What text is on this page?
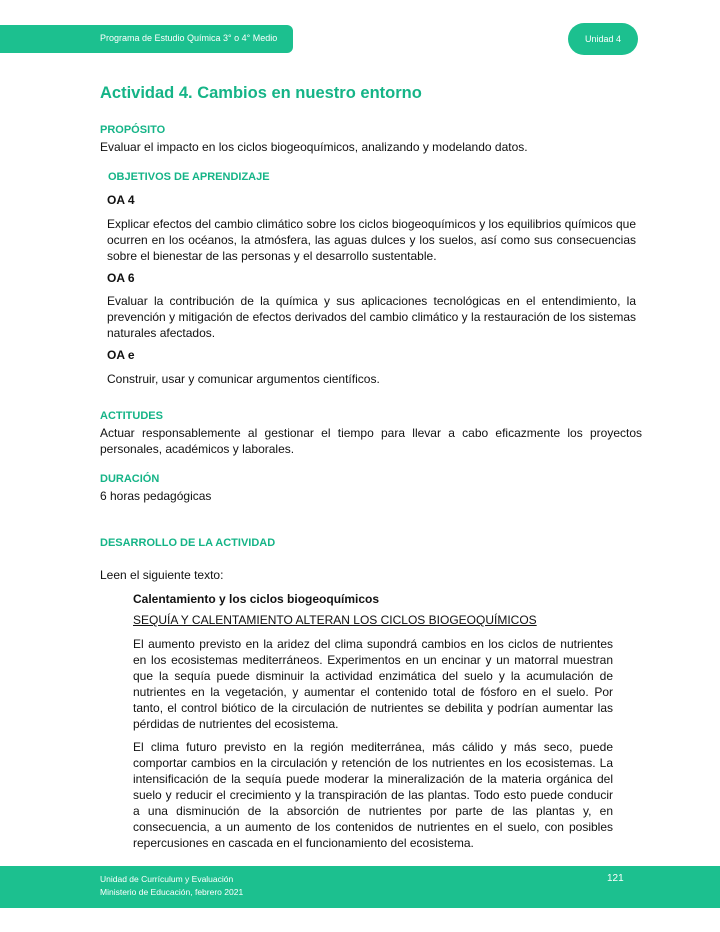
Programa de Estudio Química 3° o 4° Medio	Unidad 4
Actividad 4. Cambios en nuestro entorno
PROPÓSITO
Evaluar el impacto en los ciclos biogeoquímicos, analizando y modelando datos.
OBJETIVOS DE APRENDIZAJE
OA 4
Explicar efectos del cambio climático sobre los ciclos biogeoquímicos y los equilibrios químicos que ocurren en los océanos, la atmósfera, las aguas dulces y los suelos, así como sus consecuencias sobre el bienestar de las personas y el desarrollo sustentable.
OA 6
Evaluar la contribución de la química y sus aplicaciones tecnológicas en el entendimiento, la prevención y mitigación de efectos derivados del cambio climático y la restauración de los sistemas naturales afectados.
OA e
Construir, usar y comunicar argumentos científicos.
ACTITUDES
Actuar responsablemente al gestionar el tiempo para llevar a cabo eficazmente los proyectos personales, académicos y laborales.
DURACIÓN
6 horas pedagógicas
DESARROLLO DE LA ACTIVIDAD
Leen el siguiente texto:
Calentamiento y los ciclos biogeoquímicos
SEQUÍA Y CALENTAMIENTO ALTERAN LOS CICLOS BIOGEOQUÍMICOS
El aumento previsto en la aridez del clima supondrá cambios en los ciclos de nutrientes en los ecosistemas mediterráneos. Experimentos en un encinar y un matorral muestran que la sequía puede disminuir la actividad enzimática del suelo y la acumulación de nutrientes en la vegetación, y aumentar el contenido total de fósforo en el suelo. Por tanto, el control biótico de la circulación de nutrientes se debilita y podrían aumentar las pérdidas de nutrientes del ecosistema.
El clima futuro previsto en la región mediterránea, más cálido y más seco, puede comportar cambios en la circulación y retención de los nutrientes en los ecosistemas. La intensificación de la sequía puede moderar la mineralización de la materia orgánica del suelo y reducir el crecimiento y la transpiración de las plantas. Todo esto puede conducir a una disminución de la absorción de nutrientes por parte de las plantas y, en consecuencia, a un aumento de los contenidos de nutrientes en el suelo, con posibles repercusiones en cascada en el funcionamiento del ecosistema.
Unidad de Currículum y Evaluación
Ministerio de Educación, febrero 2021
121
